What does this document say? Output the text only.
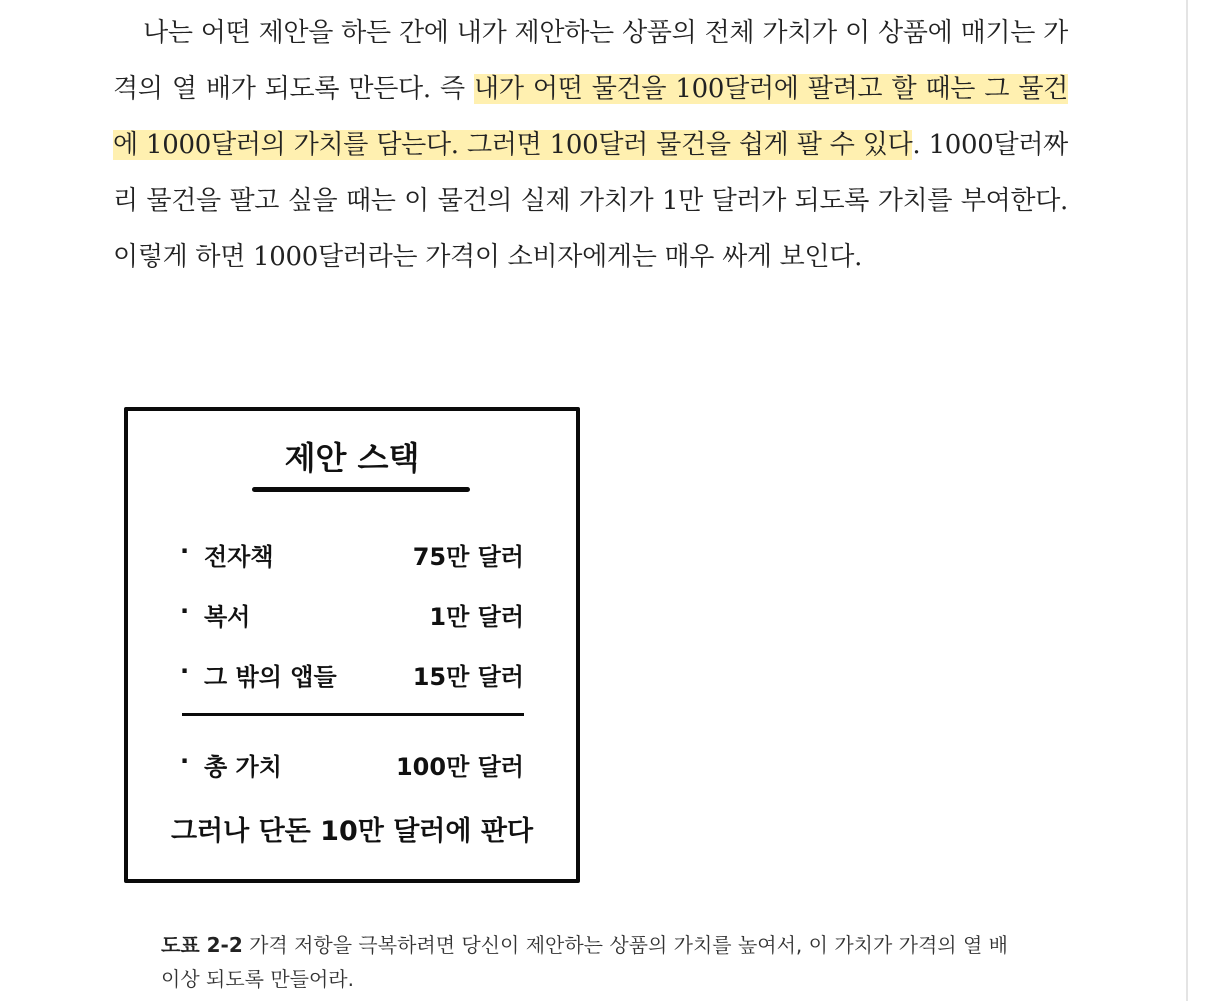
나는 어떤 제안을 하든 간에 내가 제안하는 상품의 전체 가치가 이 상품에 매기는 가격의 열 배가 되도록 만든다. 즉 내가 어떤 물건을 100달러에 팔려고 할 때는 그 물건에 1000달러의 가치를 담는다. 그러면 100달러 물건을 쉽게 팔 수 있다. 1000달러짜리 물건을 팔고 싶을 때는 이 물건의 실제 가치가 1만 달러가 되도록 가치를 부여한다. 이렇게 하면 1000달러라는 가격이 소비자에게는 매우 싸게 보인다.

제안 스택
· 전자책	75만 달러
· 복서	1만 달러
· 그 밖의 앱들	15만 달러
· 총 가치	100만 달러
그러나 단돈 10만 달러에 판다

도표 2-2 가격 저항을 극복하려면 당신이 제안하는 상품의 가치를 높여서, 이 가치가 가격의 열 배 이상 되도록 만들어라.
